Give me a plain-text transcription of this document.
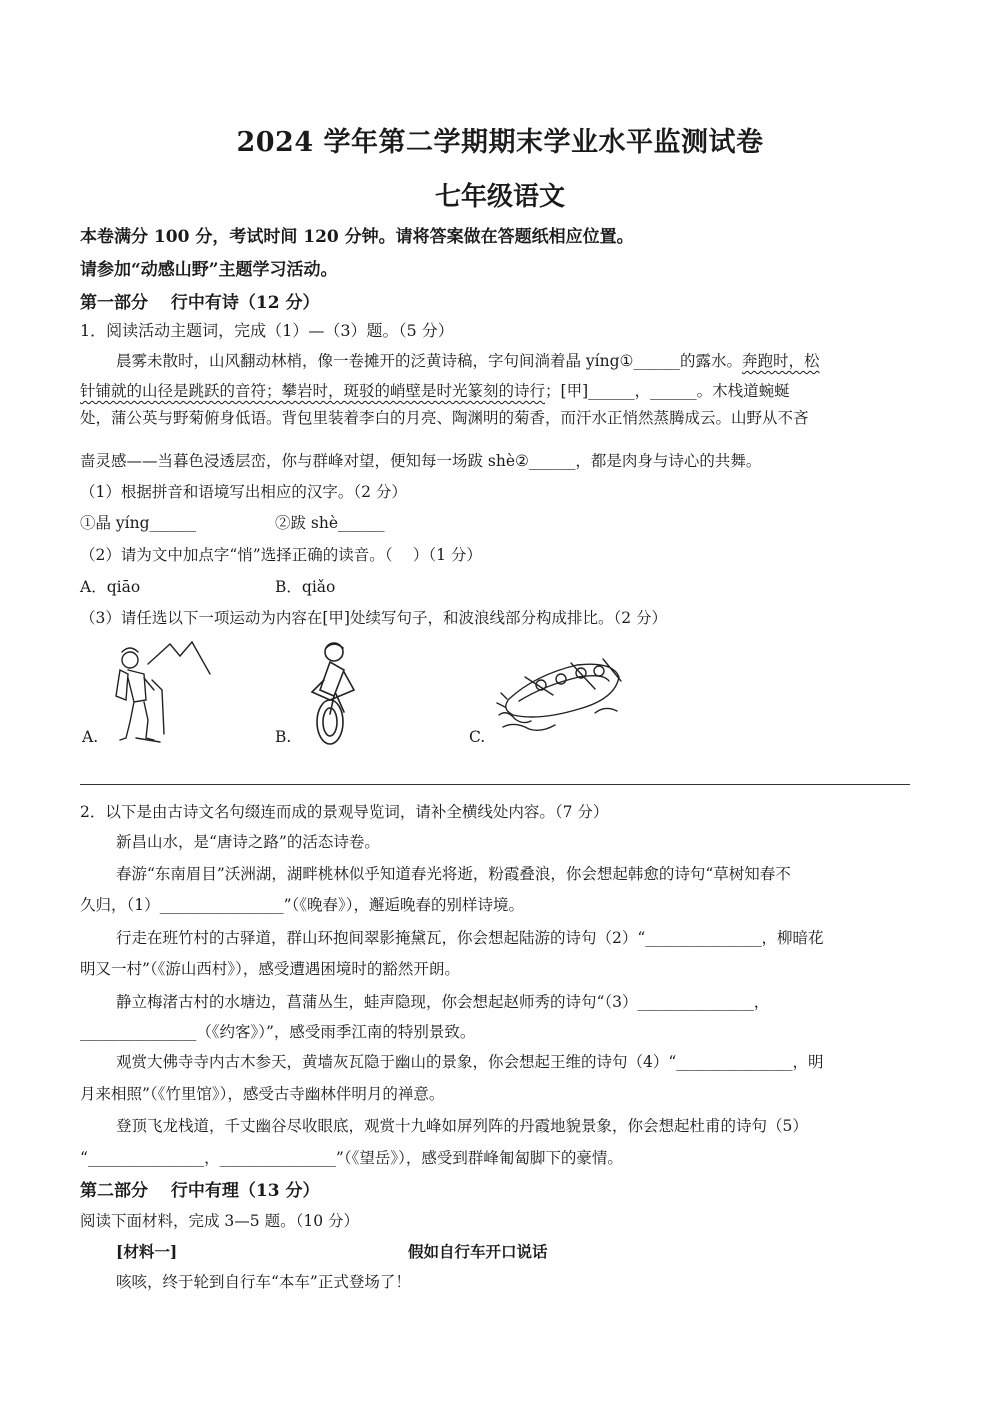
2024 学年第二学期期末学业水平监测试卷
七年级语文
本卷满分 100 分，考试时间 120 分钟。请将答案做在答题纸相应位置。
请参加“动感山野”主题学习活动。
第一部分　 行中有诗（12 分）
1．阅读活动主题词，完成（1）—（3）题。（5 分）
晨雾未散时，山风翻动林梢，像一卷摊开的泛黄诗稿，字句间淌着晶 yíng①______的露水。奔跑时，松
针铺就的山径是跳跃的音符；攀岩时，斑驳的峭壁是时光篆刻的诗行；[甲]______，______。木栈道蜿蜒
处，蒲公英与野菊俯身低语。背包里装着李白的月亮、陶渊明的菊香，而汗水正悄然蒸腾成云。山野从不吝
啬灵感——当暮色浸透层峦，你与群峰对望，便知每一场跋 shè②______，都是肉身与诗心的共舞。
（1）根据拼音和语境写出相应的汉字。（2 分）
①晶 yíng______	②跋 shè______
（2）请为文中加点字“悄”选择正确的读音。（　 ）（1 分）
A．qiāo	B．qiǎo
（3）请任选以下一项运动为内容在[甲]处续写句子，和波浪线部分构成排比。（2 分）
A.	B.	C.
2．以下是由古诗文名句缀连而成的景观导览词，请补全横线处内容。（7 分）
新昌山水，是“唐诗之路”的活态诗卷。
春游“东南眉目”沃洲湖，湖畔桃林似乎知道春光将逝，粉霞叠浪，你会想起韩愈的诗句“草树知春不
久归，（1）________________”（《晚春》），邂逅晚春的别样诗境。
行走在班竹村的古驿道，群山环抱间翠影掩黛瓦，你会想起陆游的诗句（2）“_______________，柳暗花
明又一村”（《游山西村》），感受遭遇困境时的豁然开朗。
静立梅渚古村的水塘边，菖蒲丛生，蛙声隐现，你会想起赵师秀的诗句“（3）_______________，
_______________（《约客》）”，感受雨季江南的特别景致。
观赏大佛寺寺内古木参天，黄墙灰瓦隐于幽山的景象，你会想起王维的诗句（4）“_______________，明
月来相照”（《竹里馆》），感受古寺幽林伴明月的禅意。
登顶飞龙栈道，千丈幽谷尽收眼底，观赏十九峰如屏列阵的丹霞地貌景象，你会想起杜甫的诗句（5）
“_______________，_______________”（《望岳》），感受到群峰匍匐脚下的豪情。
第二部分　 行中有理（13 分）
阅读下面材料，完成 3—5 题。（10 分）
[材料一]	假如自行车开口说话
咳咳，终于轮到自行车“本车”正式登场了！
